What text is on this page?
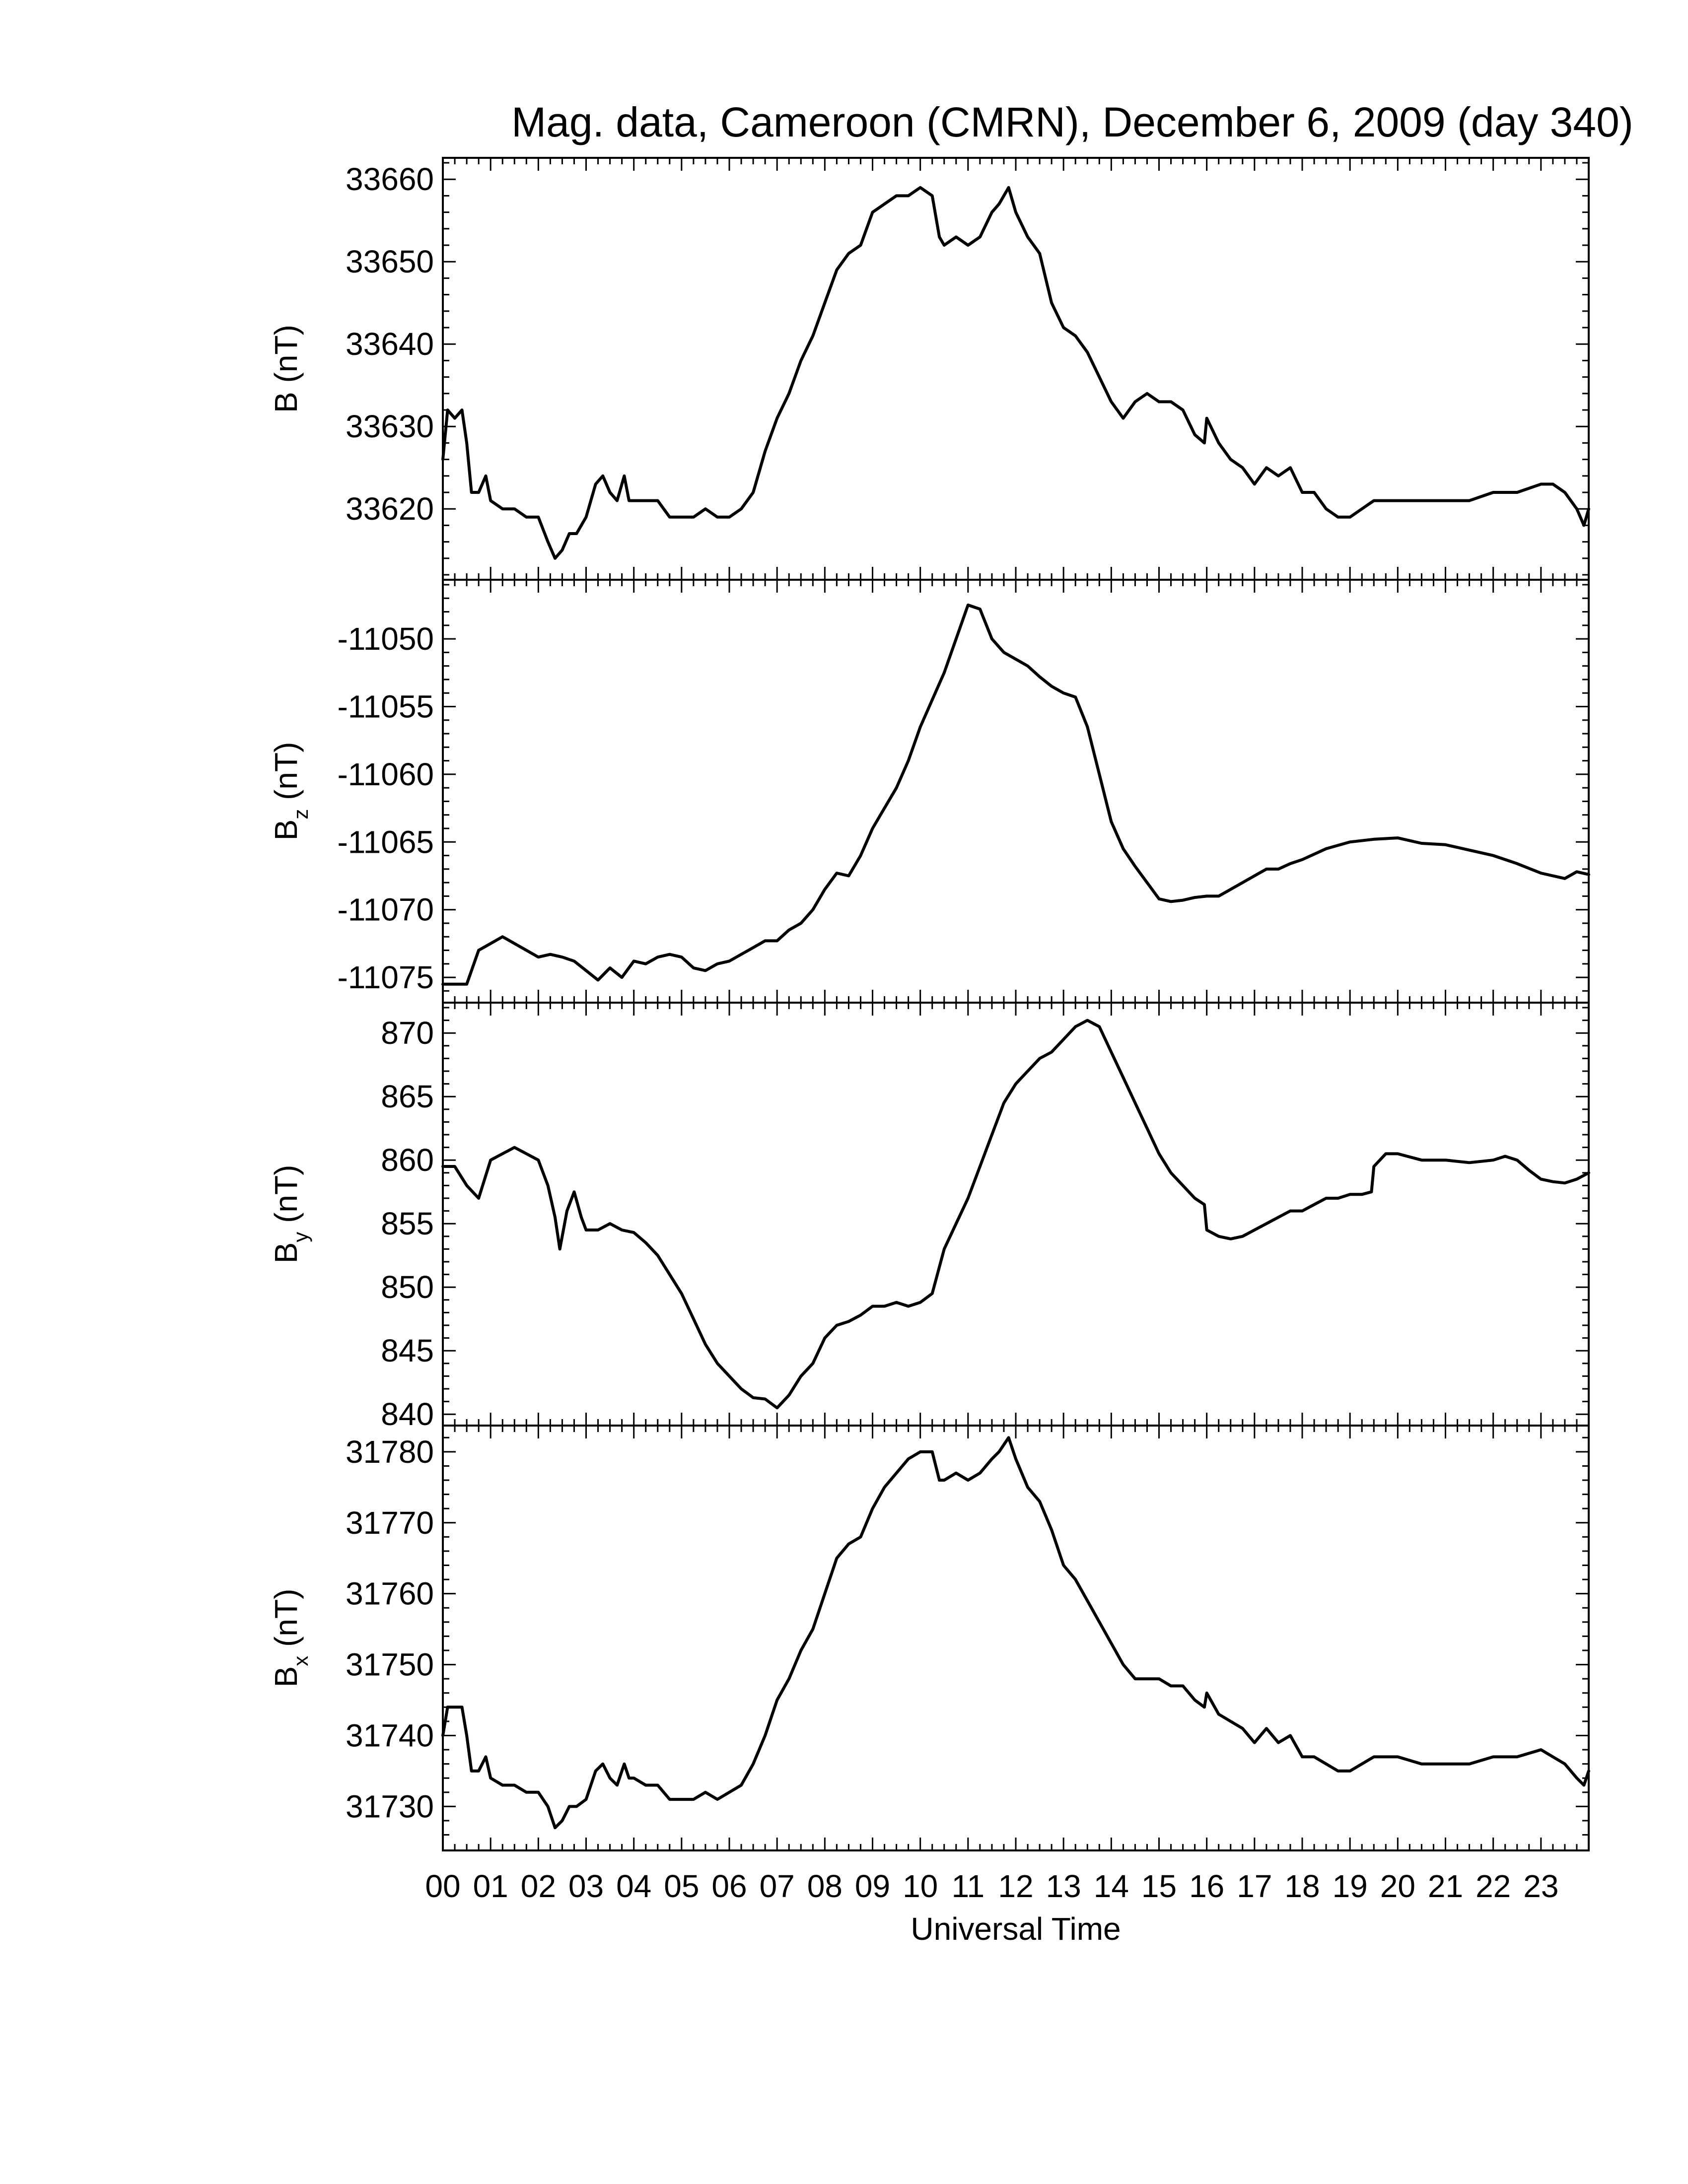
Mag. data, Cameroon (CMRN), December 6, 2009 (day 340)
33620
33630
33640
33650
33660
B (nT)
-11075
-11070
-11065
-11060
-11055
-11050
$B_z$ (nT)
840
845
850
855
860
865
870
$B_y$ (nT)
31730
31740
31750
31760
31770
31780
$B_x$ (nT)
00 01 02 03 04 05 06 07 08 09 10 11 12 13 14 15 16 17 18 19 20 21 22 23
Universal Time
